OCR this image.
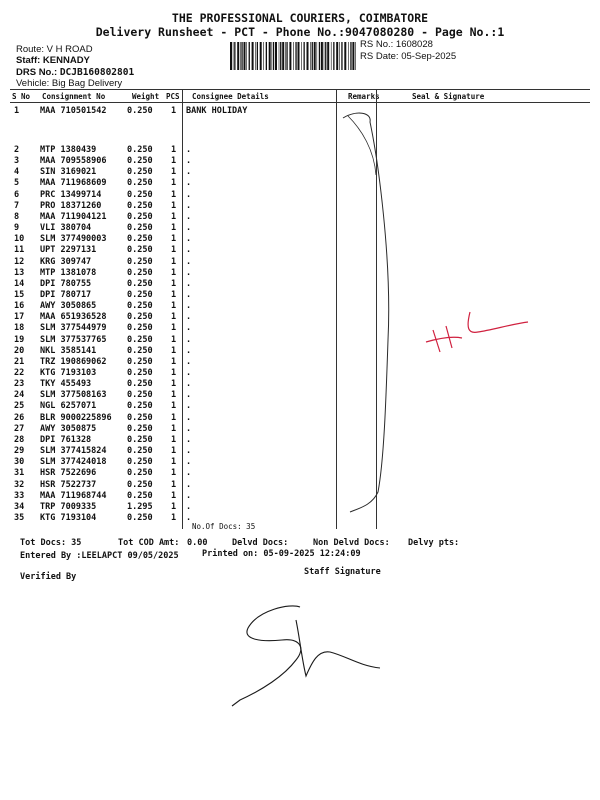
THE PROFESSIONAL COURIERS, COIMBATORE
Delivery Runsheet - PCT - Phone No.:9047080280 - Page No.:1
Route: V H ROAD
Staff: KENNADY
DRS No.: DCJB160802801
Vehicle: Big Bag Delivery
RS No.: 1608028
RS Date: 05-Sep-2025
S No	Consignment No	Weight	PCS	Consignee Details	Remarks	Seal & Signature
1 MAA 710501542 0.250 1 BANK HOLIDAY
2 MTP 1380439	0.250 1 .
3 MAA 709558906 0.250 1 .
4 SIN 3169021	0.250 1 .
5 MAA 711968609 0.250 1 .
6 PRC 13499714	0.250 1 .
7 PRO 18371260	0.250 1 .
8 MAA 711904121 0.250 1 .
9 VLI 380704	0.250 1 .
10 SLM 377490003 0.250 1 .
11 UPT 2297131	0.250 1 .
12 KRG 309747	0.250 1 .
13 MTP 1381078	0.250 1 .
14 DPI 780755	0.250 1 .
15 DPI 780717	0.250 1 .
16 AWY 3050865	0.250 1 .
17 MAA 651936528 0.250 1 .
18 SLM 377544979 0.250 1 .
19 SLM 377537765 0.250 1 .
20 NKL 3585141	0.250 1 .
21 TRZ 190869062 0.250 1 .
22 KTG 7193103	0.250 1 .
23 TKY 455493	0.250 1 .
24 SLM 377508163 0.250 1 .
25 NGL 6257071	0.250 1 .
26 BLR 9000225896 0.250 1 .
27 AWY 3050875	0.250 1 .
28 DPI 761328	0.250 1 .
29 SLM 377415824 0.250 1 .
30 SLM 377424018 0.250 1 .
31 HSR 7522696	0.250 1 .
32 HSR 7522737	0.250 1 .
33 MAA 711968744 0.250 1 .
34 TRP 7009335	1.295 1 .
35 KTG 7193104	0.250 1 .
No.Of Docs: 35
Tot Docs: 35	Tot COD Amt: 0.00	Delvd Docs:	Non Delvd Docs: Delvy pts:
Entered By :LEELAPCT 09/05/2025	Printed on: 05-09-2025 12:24:09
Verified By	Staff Signature
